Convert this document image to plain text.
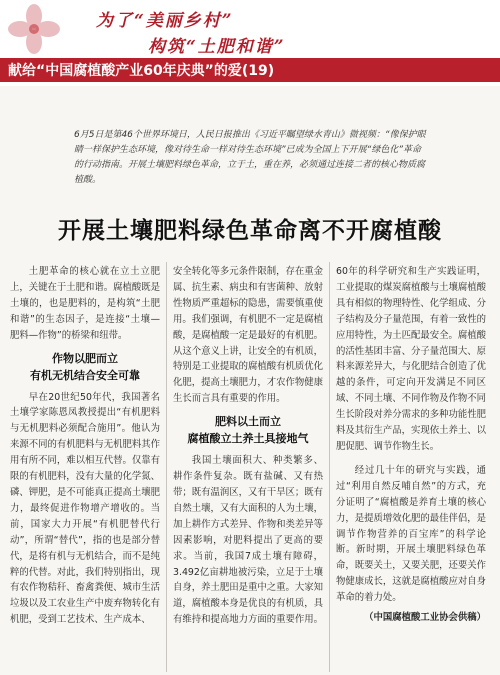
为了“美丽乡村”
构筑“土肥和谐”
献给“中国腐植酸产业60年庆典”的爱(19)
6月5日是第46个世界环境日，人民日报推出《习近平瞩望绿水青山》微视频：“像保护眼睛一样保护生态环境，像对待生命一样对待生态环境”已成为全国上下开展“绿色化”革命的行动指南。开展土壤肥料绿色革命，立于土，重在养，必须通过连接二者的核心物质腐植酸。
开展土壤肥料绿色革命离不开腐植酸

土肥革命的核心就在立土立肥上，关键在于土肥和谐。腐植酸既是土壤的，也是肥料的，是构筑“土肥和谐”的生态因子，是连接“土壤—肥料—作物”的桥梁和纽带。

作物以肥而立
有机无机结合安全可靠

早在20世纪50年代，我国著名土壤学家陈恩凤教授提出“有机肥料与无机肥料必须配合施用”。他认为来源不同的有机肥料与无机肥料其作用有所不同，难以相互代替。仅靠有限的有机肥料，没有大量的化学氮、磷、钾肥，是不可能真正提高土壤肥力，最终促进作物增产增收的。当前，国家大力开展“有机肥替代行动”，所谓“替代”，指的也是部分替代，是将有机与无机结合，而不是纯粹的代替。对此，我们特别指出，现有农作物秸秆、畜禽粪便、城市生活垃圾以及工农业生产中废弃物转化有机肥，受到工艺技术、生产成本、

安全转化等多元条件限制，存在重金属、抗生素、病虫和有害菌种、放射性物质严重超标的隐患，需要慎重使用。我们强调，有机肥不一定是腐植酸，是腐植酸一定是最好的有机肥。从这个意义上讲，让安全的有机质，特别是工业提取的腐植酸有机质优化化肥，提高土壤肥力，才农作物健康生长而言具有重要的作用。

肥料以土而立
腐植酸立土养土具接地气

我国土壤面积大、种类繁多、耕作条件复杂。既有盐碱、又有热带；既有温润区，又有干旱区；既有自然土壤，又有大面积的人为土壤，加上耕作方式差异、作物和类差异等因素影响，对肥料提出了更高的要求。当前，我国7成土壤有障碍，3.492亿亩耕地被污染，立足于土壤自身，养土肥田是重中之重。大家知道，腐植酸本身是优良的有机质，具有维持和提高地力方面的重要作用。

60年的科学研究和生产实践证明，工业提取的煤炭腐植酸与土壤腐植酸具有相似的物理特性、化学组成、分子结构及分子量范围，有着一致性的应用特性，为土匹配最安全。腐植酸的活性基团丰富、分子量范围大、原料来源差异大，与化肥结合创造了优越的条件，可定向开发满足不同区域、不同土壤、不同作物及作物不同生长阶段对养分需求的多种功能性肥料及其衍生产品，实现依土养土、以肥促肥、调节作物生长。

经过几十年的研究与实践，通过“利用自然反哺自然”的方式，充分证明了“腐植酸是养育土壤的核心力，是提质增效化肥的最佳伴侣，是调节作物营养的百宝库”的科学论断。新时期，开展土壤肥料绿色革命，既要关土，又要关肥，还要关作物健康成长，这就是腐植酸应对自身革命的着力处。

（中国腐植酸工业协会供稿）
